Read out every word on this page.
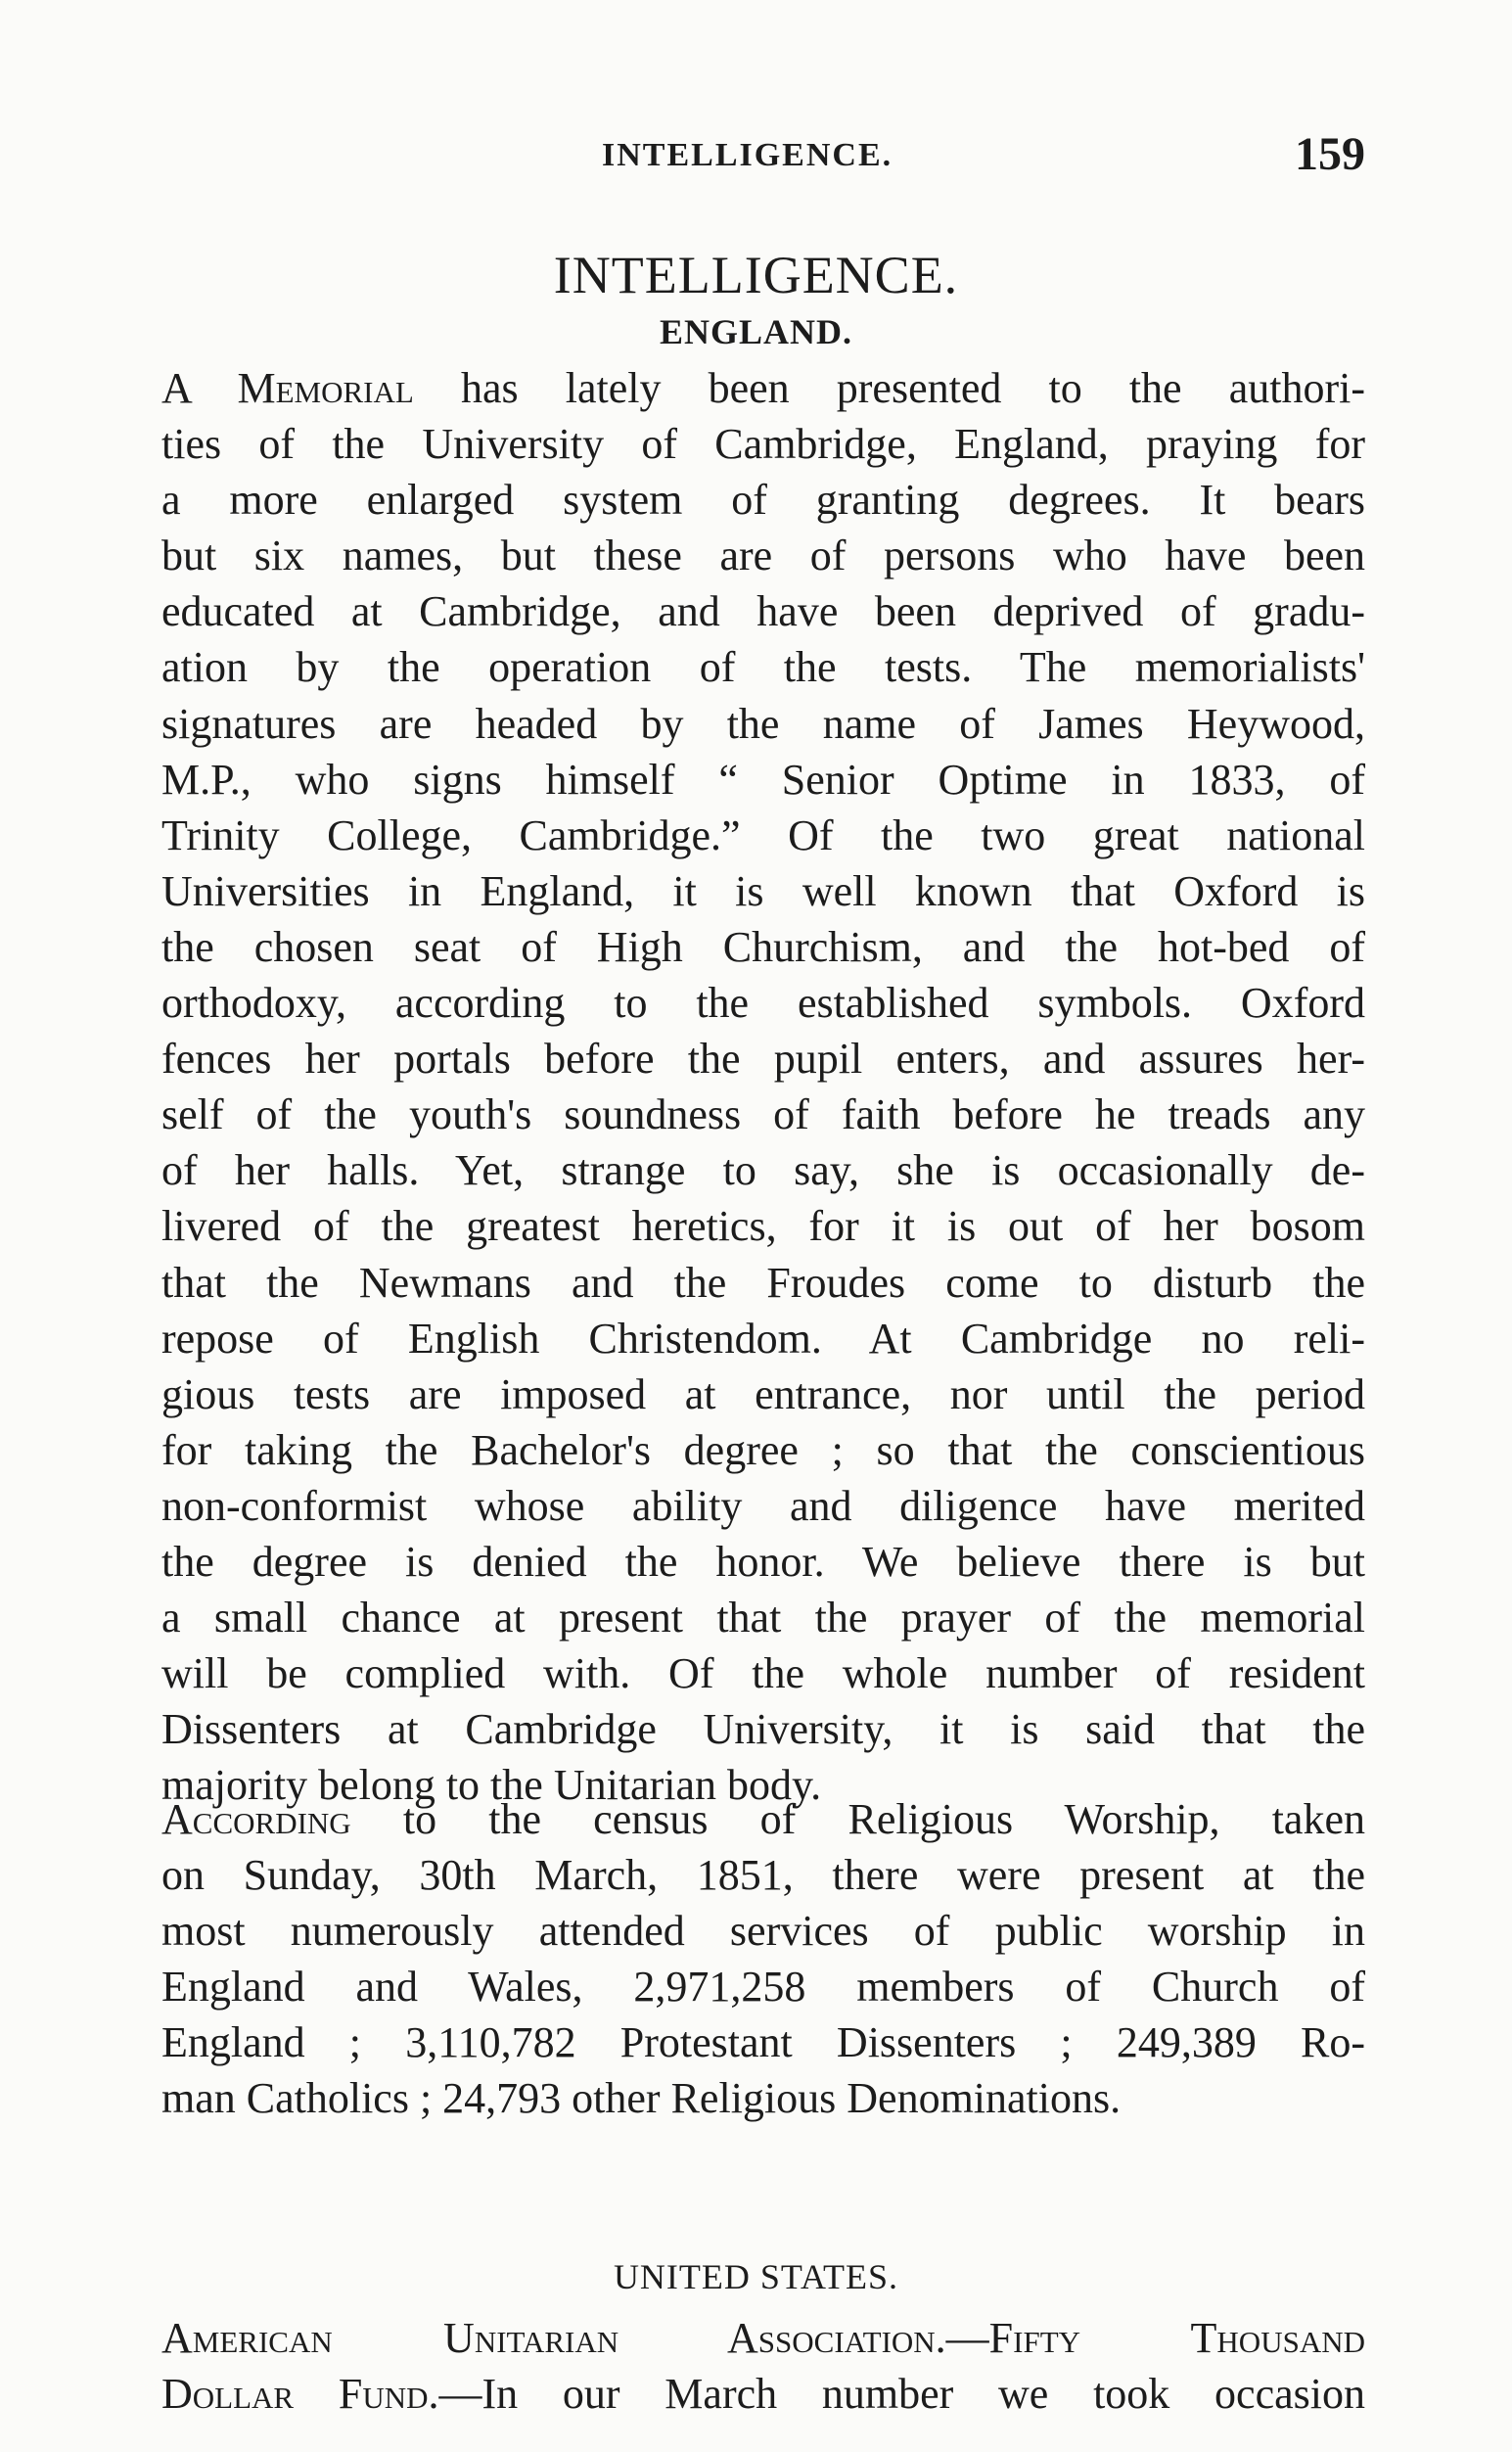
INTELLIGENCE.	159
INTELLIGENCE.
ENGLAND.
A Memorial has lately been presented to the authori-
ties of the University of Cambridge, England, praying for
a more enlarged system of granting degrees. It bears
but six names, but these are of persons who have been
educated at Cambridge, and have been deprived of gradu-
ation by the operation of the tests. The memorialists'
signatures are headed by the name of James Heywood,
M.P., who signs himself “ Senior Optime in 1833, of
Trinity College, Cambridge.” Of the two great national
Universities in England, it is well known that Oxford is
the chosen seat of High Churchism, and the hot-bed of
orthodoxy, according to the established symbols. Oxford
fences her portals before the pupil enters, and assures her-
self of the youth's soundness of faith before he treads any
of her halls. Yet, strange to say, she is occasionally de-
livered of the greatest heretics, for it is out of her bosom
that the Newmans and the Froudes come to disturb the
repose of English Christendom. At Cambridge no reli-
gious tests are imposed at entrance, nor until the period
for taking the Bachelor's degree ; so that the conscientious
non-conformist whose ability and diligence have merited
the degree is denied the honor. We believe there is but
a small chance at present that the prayer of the memorial
will be complied with. Of the whole number of resident
Dissenters at Cambridge University, it is said that the
majority belong to the Unitarian body.
According to the census of Religious Worship, taken
on Sunday, 30th March, 1851, there were present at the
most numerously attended services of public worship in
England and Wales, 2,971,258 members of Church of
England ; 3,110,782 Protestant Dissenters ; 249,389 Ro-
man Catholics ; 24,793 other Religious Denominations.
UNITED STATES.
American Unitarian Association.—Fifty Thousand
Dollar Fund.—In our March number we took occasion
